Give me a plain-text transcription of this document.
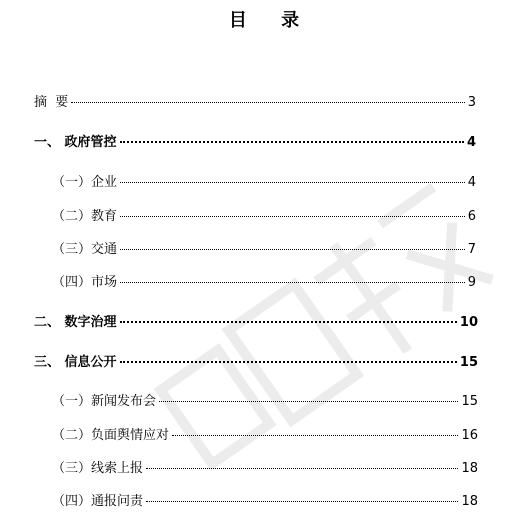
目 录
摘  要	3
一、 政府管控	4
（一）企业	4
（二）教育	6
（三）交通	7
（四）市场	9
二、 数字治理	10
三、 信息公开	15
（一）新闻发布会	15
（二）负面舆情应对	16
（三）线索上报	18
（四）通报问责	18
